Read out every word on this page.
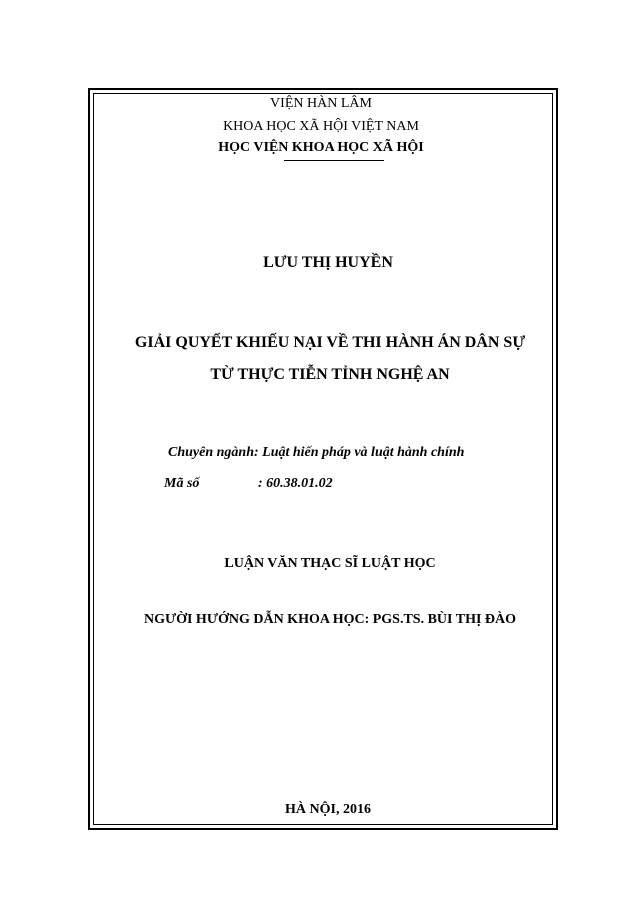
VIỆN HÀN LÂM
KHOA HỌC XÃ HỘI VIỆT NAM
HỌC VIỆN KHOA HỌC XÃ HỘI
LƯU THỊ HUYỀN
GIẢI QUYẾT KHIẾU NẠI VỀ THI HÀNH ÁN DÂN SỰ
TỪ THỰC TIỄN TỈNH NGHỆ AN
Chuyên ngành: Luật hiến pháp và luật hành chính
Mã số	: 60.38.01.02
LUẬN VĂN THẠC SĨ LUẬT HỌC
NGƯỜI HƯỚNG DẪN KHOA HỌC: PGS.TS. BÙI THỊ ĐÀO
HÀ NỘI, 2016
